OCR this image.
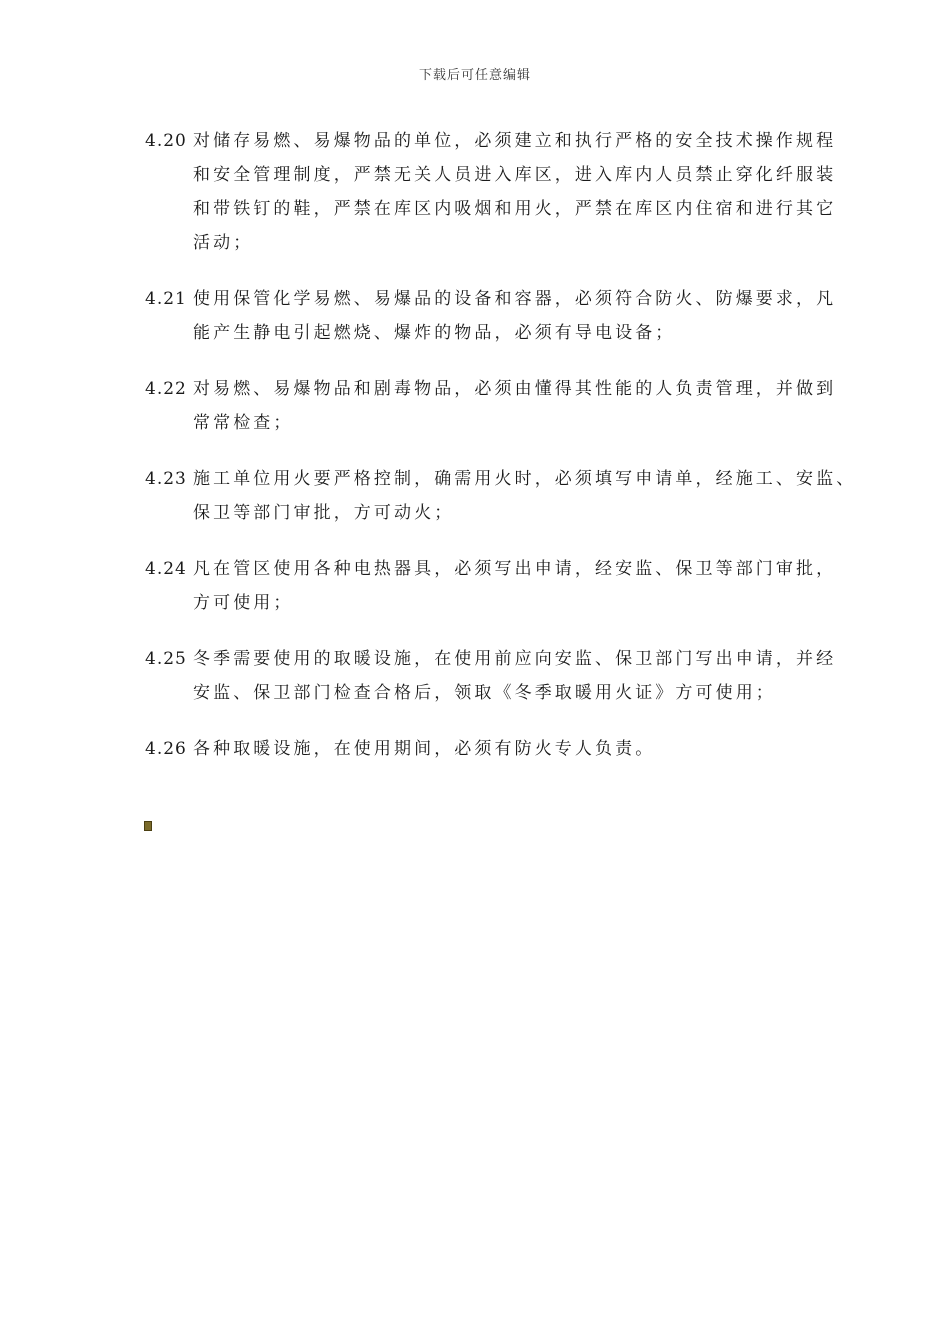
下载后可任意编辑
4.20 对储存易燃、易爆物品的单位，必须建立和执行严格的安全技术操作规程
和安全管理制度，严禁无关人员进入库区，进入库内人员禁止穿化纤服装
和带铁钉的鞋，严禁在库区内吸烟和用火，严禁在库区内住宿和进行其它
活动；
4.21 使用保管化学易燃、易爆品的设备和容器，必须符合防火、防爆要求，凡
能产生静电引起燃烧、爆炸的物品，必须有导电设备；
4.22 对易燃、易爆物品和剧毒物品，必须由懂得其性能的人负责管理，并做到
常常检查；
4.23 施工单位用火要严格控制，确需用火时，必须填写申请单，经施工、安监、
保卫等部门审批，方可动火；
4.24 凡在管区使用各种电热器具，必须写出申请，经安监、保卫等部门审批，
方可使用；
4.25 冬季需要使用的取暖设施，在使用前应向安监、保卫部门写出申请，并经
安监、保卫部门检查合格后，领取《冬季取暖用火证》方可使用；
4.26 各种取暖设施，在使用期间，必须有防火专人负责。
